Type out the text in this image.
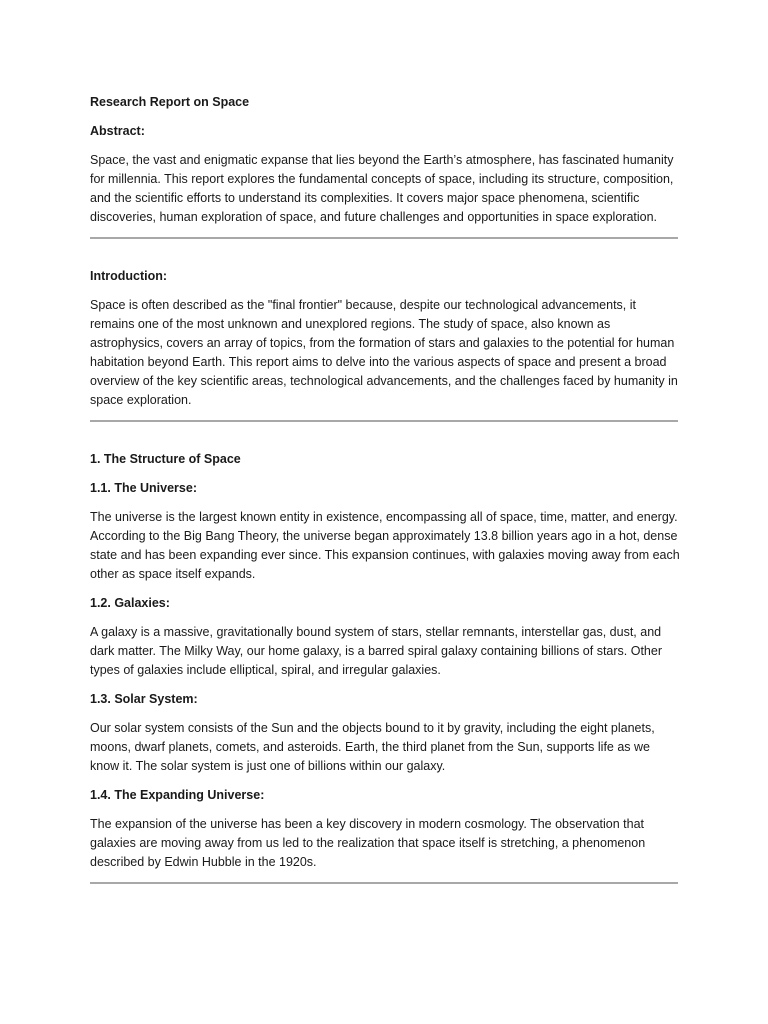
Research Report on Space
Abstract:
Space, the vast and enigmatic expanse that lies beyond the Earth’s atmosphere, has fascinated humanity for millennia. This report explores the fundamental concepts of space, including its structure, composition, and the scientific efforts to understand its complexities. It covers major space phenomena, scientific discoveries, human exploration of space, and future challenges and opportunities in space exploration.
Introduction:
Space is often described as the "final frontier" because, despite our technological advancements, it remains one of the most unknown and unexplored regions. The study of space, also known as astrophysics, covers an array of topics, from the formation of stars and galaxies to the potential for human habitation beyond Earth. This report aims to delve into the various aspects of space and present a broad overview of the key scientific areas, technological advancements, and the challenges faced by humanity in space exploration.
1. The Structure of Space
1.1. The Universe:
The universe is the largest known entity in existence, encompassing all of space, time, matter, and energy. According to the Big Bang Theory, the universe began approximately 13.8 billion years ago in a hot, dense state and has been expanding ever since. This expansion continues, with galaxies moving away from each other as space itself expands.
1.2. Galaxies:
A galaxy is a massive, gravitationally bound system of stars, stellar remnants, interstellar gas, dust, and dark matter. The Milky Way, our home galaxy, is a barred spiral galaxy containing billions of stars. Other types of galaxies include elliptical, spiral, and irregular galaxies.
1.3. Solar System:
Our solar system consists of the Sun and the objects bound to it by gravity, including the eight planets, moons, dwarf planets, comets, and asteroids. Earth, the third planet from the Sun, supports life as we know it. The solar system is just one of billions within our galaxy.
1.4. The Expanding Universe:
The expansion of the universe has been a key discovery in modern cosmology. The observation that galaxies are moving away from us led to the realization that space itself is stretching, a phenomenon described by Edwin Hubble in the 1920s.
